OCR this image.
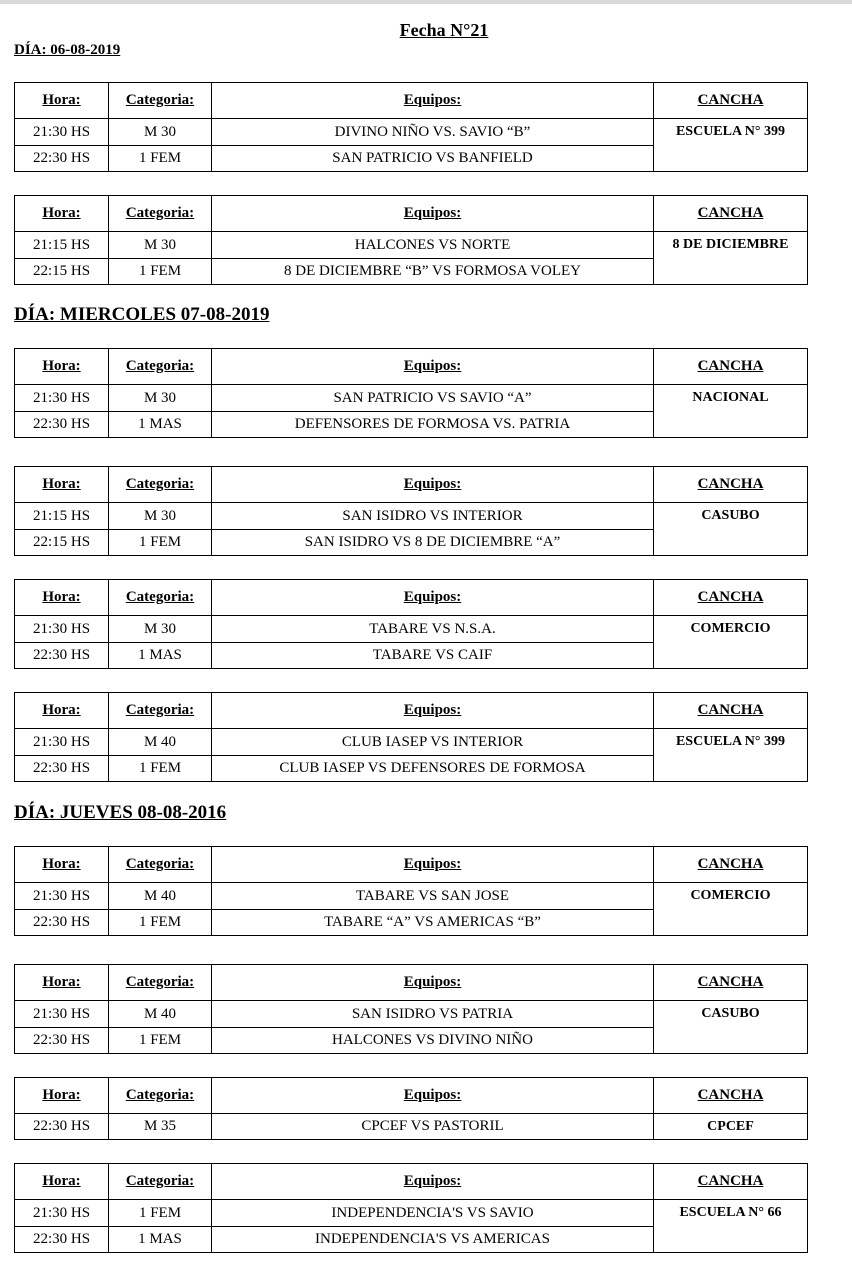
Fecha N°21
DÍA: 06-08-2019
Hora:	Categoria:	Equipos:	CANCHA
21:30 HS	M 30	DIVINO NIÑO VS. SAVIO “B”	ESCUELA N° 399
22:30 HS	1 FEM	SAN PATRICIO VS BANFIELD	
Hora:	Categoria:	Equipos:	CANCHA
21:15 HS	M 30	HALCONES VS NORTE	8 DE DICIEMBRE
22:15 HS	1 FEM	8 DE DICIEMBRE “B” VS FORMOSA VOLEY	
DÍA: MIERCOLES 07-08-2019
Hora:	Categoria:	Equipos:	CANCHA
21:30 HS	M 30	SAN PATRICIO VS SAVIO “A”	NACIONAL
22:30 HS	1 MAS	DEFENSORES DE FORMOSA VS. PATRIA	
Hora:	Categoria:	Equipos:	CANCHA
21:15 HS	M 30	SAN ISIDRO VS INTERIOR	CASUBO
22:15 HS	1 FEM	SAN ISIDRO VS 8 DE DICIEMBRE “A”	
Hora:	Categoria:	Equipos:	CANCHA
21:30 HS	M 30	TABARE VS N.S.A.	COMERCIO
22:30 HS	1 MAS	TABARE VS CAIF	
Hora:	Categoria:	Equipos:	CANCHA
21:30 HS	M 40	CLUB IASEP VS INTERIOR	ESCUELA N° 399
22:30 HS	1 FEM	CLUB IASEP VS DEFENSORES DE FORMOSA	
DÍA: JUEVES 08-08-2016
Hora:	Categoria:	Equipos:	CANCHA
21:30 HS	M 40	TABARE VS SAN JOSE	COMERCIO
22:30 HS	1 FEM	TABARE “A” VS AMERICAS “B”	
Hora:	Categoria:	Equipos:	CANCHA
21:30 HS	M 40	SAN ISIDRO VS PATRIA	CASUBO
22:30 HS	1 FEM	HALCONES VS DIVINO NIÑO	
Hora:	Categoria:	Equipos:	CANCHA
22:30 HS	M 35	CPCEF VS PASTORIL	CPCEF
Hora:	Categoria:	Equipos:	CANCHA
21:30 HS	1 FEM	INDEPENDENCIA'S VS SAVIO	ESCUELA N° 66
22:30 HS	1 MAS	INDEPENDENCIA'S VS AMERICAS	
